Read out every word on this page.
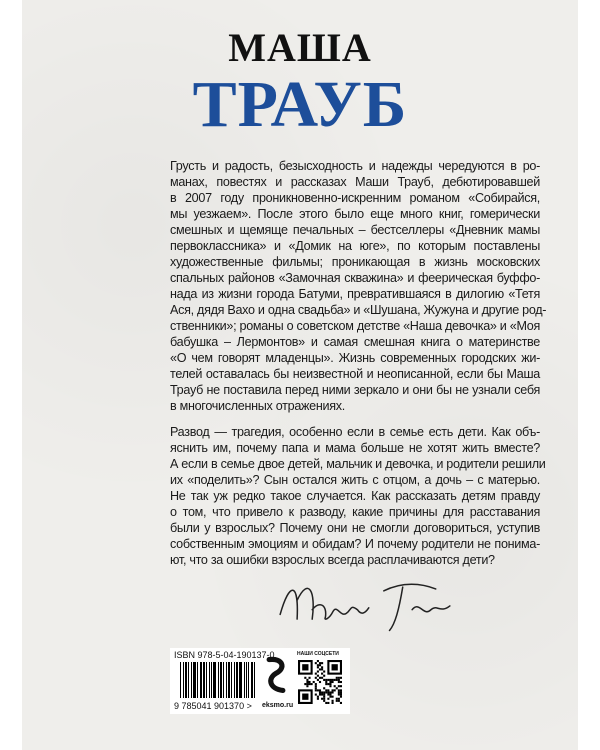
МАША
ТРАУБ
Грусть и радость, безысходность и надежды чередуются в ро-
манах, повестях и рассказах Маши Трауб, дебютировавшей
в 2007 году проникновенно-искренним романом «Собирайся,
мы уезжаем». После этого было еще много книг, гомерически
смешных и щемяще печальных – бестселлеры «Дневник мамы
первоклассника» и «Домик на юге», по которым поставлены
художественные фильмы; проникающая в жизнь московских
спальных районов «Замочная скважина» и феерическая буффо-
нада из жизни города Батуми, превратившаяся в дилогию «Тетя
Ася, дядя Вахо и одна свадьба» и «Шушана, Жужуна и другие род-
ственники»; романы о советском детстве «Наша девочка» и «Моя
бабушка – Лермонтов» и самая смешная книга о материнстве
«О чем говорят младенцы». Жизнь современных городских жи-
телей оставалась бы неизвестной и неописанной, если бы Маша
Трауб не поставила перед ними зеркало и они бы не узнали себя
в многочисленных отражениях.
Развод — трагедия, особенно если в семье есть дети. Как объ-
яснить им, почему папа и мама больше не хотят жить вместе?
А если в семье двое детей, мальчик и девочка, и родители решили
их «поделить»? Сын остался жить с отцом, а дочь – с матерью.
Не так уж редко такое случается. Как рассказать детям правду
о том, что привело к разводу, какие причины для расставания
были у взрослых? Почему они не смогли договориться, уступив
собственным эмоциям и обидам? И почему родители не понима-
ют, что за ошибки взрослых всегда расплачиваются дети?
ISBN 978-5-04-190137-0
9 785041 901370 > eksmo.ru
НАШИ СОЦСЕТИ
